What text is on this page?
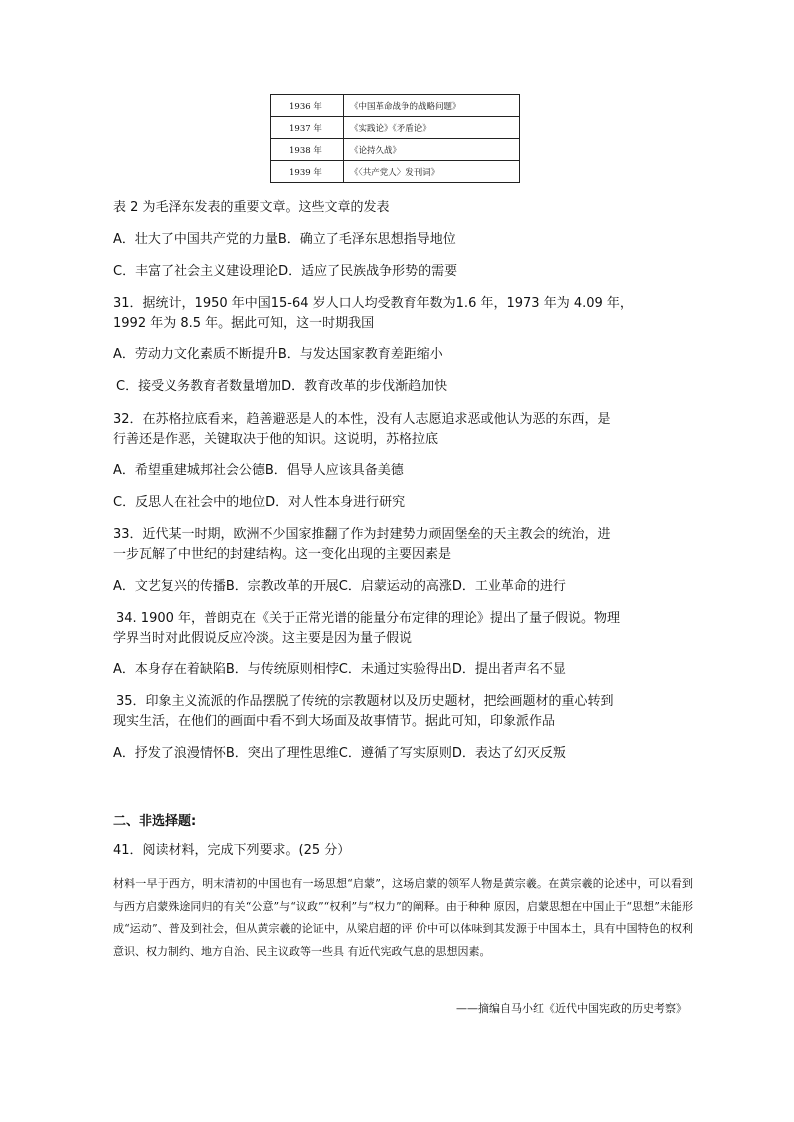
1936 年	《中国革命战争的战略问题》
1937 年	《实践论》《矛盾论》
1938 年	《论持久战》
1939 年	《〈共产党人〉发刊词》
表 2 为毛泽东发表的重要文章。这些文章的发表
A．壮大了中国共产党的力量B．确立了毛泽东思想指导地位
C．丰富了社会主义建设理论D．适应了民族战争形势的需要
31．据统计，1950 年中国15-64 岁人口人均受教育年数为1.6 年，1973 年为 4.09 年，
1992 年为 8.5 年。据此可知，这一时期我国
A．劳动力文化素质不断提升B．与发达国家教育差距缩小
C．接受义务教育者数量增加D．教育改革的步伐渐趋加快
32．在苏格拉底看来，趋善避恶是人的本性，没有人志愿追求恶或他认为恶的东西，是
行善还是作恶，关键取决于他的知识。这说明，苏格拉底
A．希望重建城邦社会公德B．倡导人应该具备美德
C．反思人在社会中的地位D．对人性本身进行研究
33．近代某一时期，欧洲不少国家推翻了作为封建势力顽固堡垒的天主教会的统治，进
一步瓦解了中世纪的封建结构。这一变化出现的主要因素是
A．文艺复兴的传播B．宗教改革的开展C．启蒙运动的高涨D．工业革命的进行
34. 1900 年，普朗克在《关于正常光谱的能量分布定律的理论》提出了量子假说。物理
学界当时对此假说反应冷淡。这主要是因为量子假说
A．本身存在着缺陷B．与传统原则相悖C．未通过实验得出D．提出者声名不显
35．印象主义流派的作品摆脱了传统的宗教题材以及历史题材，把绘画题材的重心转到
现实生活，在他们的画面中看不到大场面及故事情节。据此可知，印象派作品
A．抒发了浪漫情怀B．突出了理性思维C．遵循了写实原则D．表达了幻灭反叛
二、非选择题:
41．阅读材料，完成下列要求。(25 分）
材料一早于西方，明末清初的中国也有一场思想“启蒙”，这场启蒙的领军人物是黄宗羲。在黄宗羲的论述中，可以看到与西方启蒙殊途同归的有关“公意”与“议政”“权利”与“权力”的阐释。由于种种 原因，启蒙思想在中国止于“思想”未能形成“运动”、普及到社会，但从黄宗羲的论证中，从梁启超的评 价中可以体味到其发源于中国本土，具有中国特色的权利意识、权力制约、地方自治、民主议政等一些具 有近代宪政气息的思想因素。
——摘编自马小红《近代中国宪政的历史考察》
